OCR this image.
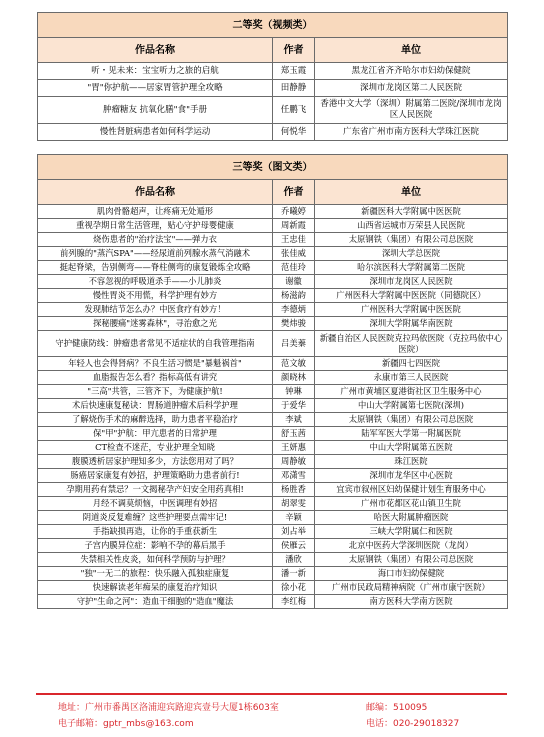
二等奖（视频类）		
作品名称	作者	单位
听・见未来：宝宝听力之旅的启航	郑玉霞	黑龙江省齐齐哈尔市妇幼保健院
"胃"你护航——居家胃管护理全攻略	田静静	深圳市龙岗区第二人民医院
肿瘤糖友 抗氧化膳"食"手册	任鹏飞	香港中文大学（深圳）附属第二医院/深圳市龙岗区人民医院
慢性肾脏病患者如何科学运动	何悦华	广东省广州市南方医科大学珠江医院
三等奖（图文类）		
作品名称	作者	单位
肌肉骨骼超声，让疼痛无处遁形	乔曦婷	新疆医科大学附属中医医院
重视孕期日常生活管理，贴心守护母婴健康	周新霞	山西省运城市万荣县人民医院
烧伤患者的"治疗法宝"——弹力衣	王忠佳	太原钢铁（集团）有限公司总医院
前列腺的"蒸汽SPA"——经尿道前列腺水蒸气消融术	张佳威	深圳大学总医院
挺起脊梁，告别侧弯——脊柱侧弯的康复锻炼全攻略	范佳玲	哈尔滨医科大学附属第二医院
不容忽视的呼吸道杀手——小儿肺炎	谢徽	深圳市龙岗区人民医院
慢性胃炎不用慌，科学护理有妙方	杨滋韵	广州医科大学附属中医医院（同德院区）
发现肺结节怎么办？中医食疗有妙方！	李德炳	广州医科大学附属中医医院
探秘腰痛"迷雾森林"，寻治愈之光	樊炜骏	深圳大学附属华南医院
守护健康防线：肿瘤患者常见不适症状的自我管理指南	吕美蓁	新疆自治区人民医院克拉玛依医院（克拉玛依中心医院）
年轻人也会得肾病？不良生活习惯是"暴魁祸首"	范文敏	新疆四七四医院
血脂报告怎么看？指标高低有讲究	颜晓林	永康市第三人民医院
"三高"共管，三管齐下，为健康护航!	钟琳	广州市黄埔区夏港街社区卫生服务中心
术后快速康复秘诀：胃肠道肿瘤术后科学护理	于爱华	中山大学附属第七医院(深圳)
了解烧伤手术的麻醉选择，助力患者平稳治疗	李斌	太原钢铁（集团）有限公司总医院
保"甲"护航：甲亢患者的日常护理	舒玉茜	陆军军医大学第一附属医院
CT检查不迷茫，专业护理全知晓	王妍惠	中山大学附属第五医院
腹膜透析居家护理知多少，方法您用对了吗？	周静敏	珠江医院
肠癌居家康复有妙招，护理策略助力患者前行!	邓潇雪	深圳市龙华区中心医院
孕期用药有禁忌？一文揭秘孕产妇安全用药真相!	杨胜香	宜宾市叙州区妇幼保健计划生育服务中心
月经不调莫烦恼，中医调理有妙招	胡翠雯	广州市花都区花山镇卫生院
阴道炎反复难缠？这些护理要点需牢记!	辛颖	哈医大附属肿瘤医院
手指缺损再造，让你的手重获新生	刘占举	三峡大学附属仁和医院
子宫内膜异位症：影响不孕的幕后黑手	侯雁云	北京中医药大学深圳医院（龙岗）
失禁相关性皮炎，如何科学预防与护理？	潘欣	太原钢铁（集团）有限公司总医院
"独"一无二的旅程：快乐融入孤独症康复	潘一新	海口市妇幼保健院
快速解读老年痴呆的康复治疗知识	徐小花	广州市民政局精神病院（广州市康宁医院）
守护"生命之河"：造血干细胞的"造血"魔法	李红梅	南方医科大学南方医院
地址：广州市番禺区洛浦迎宾路迎宾壹号大厦1栋603室	邮编：510095
电子邮箱：gptr_mbs@163.com	电话：020-29018327
